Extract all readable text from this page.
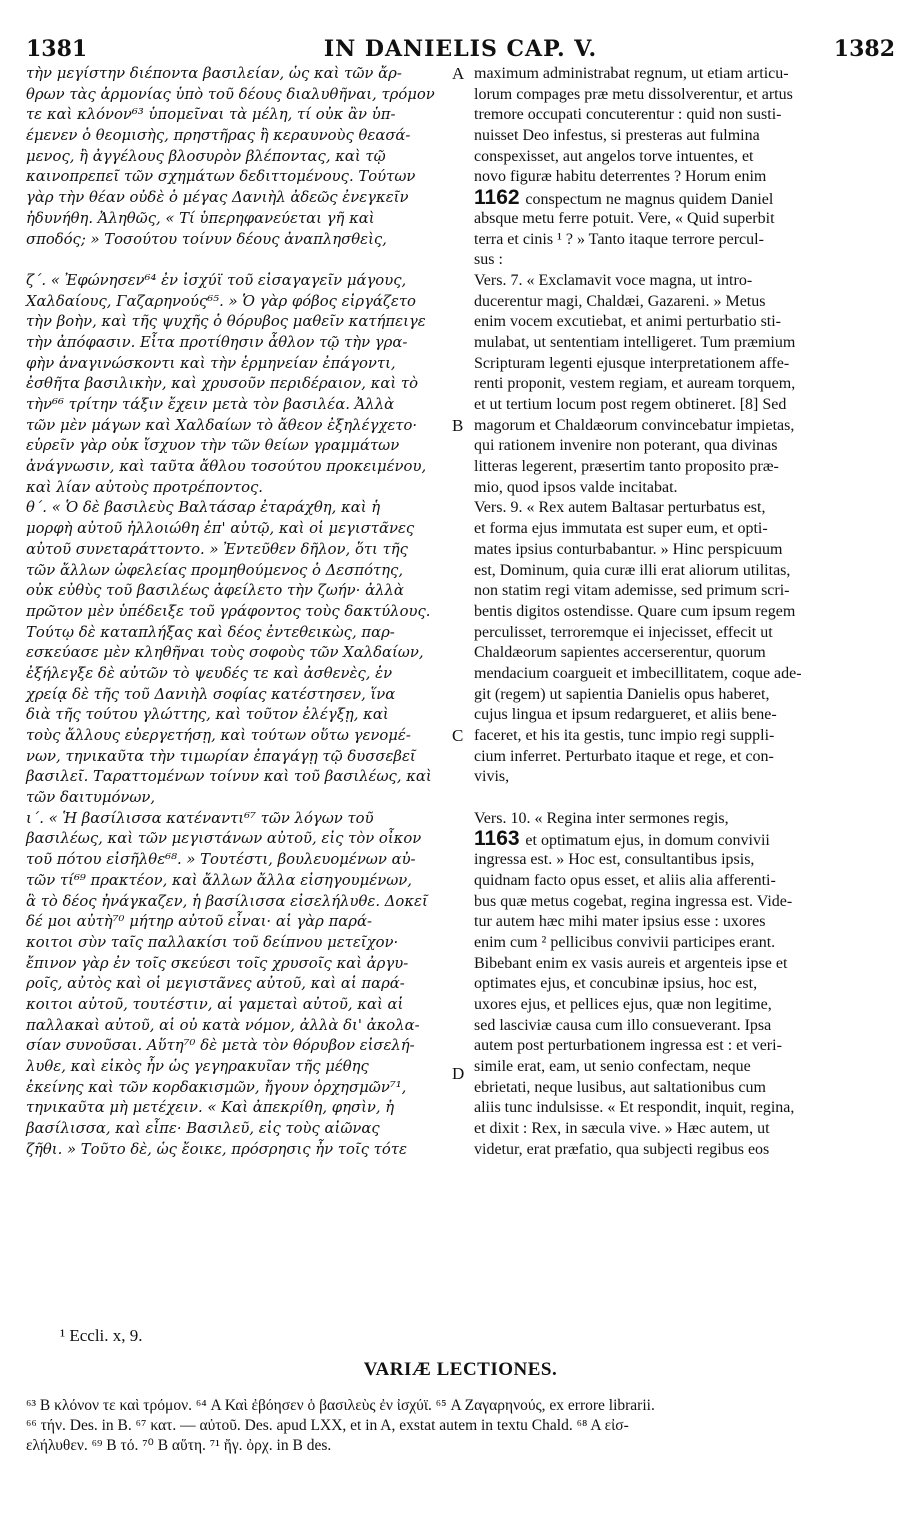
1381	IN DANIELIS CAP. V.	1382
τὴν μεγίστην διέποντα βασιλείαν, ὡς καὶ τῶν ἄρ-
θρων τὰς ἁρμονίας ὑπὸ τοῦ δέους διαλυθῆναι, τρόμον
τε καὶ κλόνον⁶³ ὑπομεῖναι τὰ μέλη, τί οὐκ ἂν ὑπ-
έμενεν ὁ θεομισὴς, πρηστῆρας ἢ κεραυνοὺς θεασά-
μενος, ἢ ἀγγέλους βλοσυρὸν βλέποντας, καὶ τῷ
καινοπρεπεῖ τῶν σχημάτων δεδιττομένους. Τούτων
γὰρ τὴν θέαν οὐδὲ ὁ μέγας Δανιὴλ ἀδεῶς ἐνεγκεῖν
ἠδυνήθη. Ἀληθῶς, « Τί ὑπερηφανεύεται γῆ καὶ
σποδός; » Τοσούτου τοίνυν δέους ἀναπλησθεὶς,
ζ΄. « Ἐφώνησεν⁶⁴ ἐν ἰσχύϊ τοῦ εἰσαγαγεῖν μάγους,
Χαλδαίους, Γαζαρηνούς⁶⁵. » Ὁ γὰρ φόβος εἰργάζετο
τὴν βοὴν, καὶ τῆς ψυχῆς ὁ θόρυβος μαθεῖν κατήπειγε
τὴν ἀπόφασιν. Εἶτα προτίθησιν ἆθλον τῷ τὴν γρα-
φὴν ἀναγινώσκοντι καὶ τὴν ἑρμηνείαν ἐπάγοντι,
ἐσθῆτα βασιλικὴν, καὶ χρυσοῦν περιδέραιον, καὶ τὸ
τὴν⁶⁶ τρίτην τάξιν ἔχειν μετὰ τὸν βασιλέα. Ἀλλὰ
τῶν μὲν μάγων καὶ Χαλδαίων τὸ ἄθεον ἐξηλέγχετο·
εὑρεῖν γὰρ οὐκ ἴσχυον τὴν τῶν θείων γραμμάτων
ἀνάγνωσιν, καὶ ταῦτα ἄθλου τοσούτου προκειμένου,
καὶ λίαν αὐτοὺς προτρέποντος.
θ΄. « Ὁ δὲ βασιλεὺς Βαλτάσαρ ἐταράχθη, καὶ ἡ
μορφὴ αὐτοῦ ἠλλοιώθη ἐπ' αὐτῷ, καὶ οἱ μεγιστᾶνες
αὐτοῦ συνεταράττοντο. » Ἐντεῦθεν δῆλον, ὅτι τῆς
τῶν ἄλλων ὠφελείας προμηθούμενος ὁ Δεσπότης,
οὐκ εὐθὺς τοῦ βασιλέως ἀφείλετο τὴν ζωήν· ἀλλὰ
πρῶτον μὲν ὑπέδειξε τοῦ γράφοντος τοὺς δακτύλους.
Τούτῳ δὲ καταπλήξας καὶ δέος ἐντεθεικὼς, παρ-
εσκεύασε μὲν κληθῆναι τοὺς σοφοὺς τῶν Χαλδαίων,
ἐξήλεγξε δὲ αὐτῶν τὸ ψευδές τε καὶ ἀσθενὲς, ἐν
χρείᾳ δὲ τῆς τοῦ Δανιὴλ σοφίας κατέστησεν, ἵνα
διὰ τῆς τούτου γλώττης, καὶ τοῦτον ἐλέγξῃ, καὶ
τοὺς ἄλλους εὐεργετήσῃ, καὶ τούτων οὕτω γενομέ-
νων, τηνικαῦτα τὴν τιμωρίαν ἐπαγάγῃ τῷ δυσσεβεῖ
βασιλεῖ. Ταραττομένων τοίνυν καὶ τοῦ βασιλέως, καὶ
τῶν δαιτυμόνων,
ι΄. « Ἡ βασίλισσα κατέναντι⁶⁷ τῶν λόγων τοῦ
βασιλέως, καὶ τῶν μεγιστάνων αὐτοῦ, εἰς τὸν οἶκον
τοῦ πότου εἰσῆλθε⁶⁸. » Τουτέστι, βουλευομένων αὐ-
τῶν τί⁶⁹ πρακτέον, καὶ ἄλλων ἄλλα εἰσηγουμένων,
ἃ τὸ δέος ἠνάγκαζεν, ἡ βασίλισσα εἰσελήλυθε. Δοκεῖ
δέ μοι αὐτὴ⁷⁰ μήτηρ αὐτοῦ εἶναι· αἱ γὰρ παρά-
κοιτοι σὺν ταῖς παλλακίσι τοῦ δείπνου μετεῖχον·
ἔπινον γὰρ ἐν τοῖς σκεύεσι τοῖς χρυσοῖς καὶ ἀργυ-
ροῖς, αὐτὸς καὶ οἱ μεγιστᾶνες αὐτοῦ, καὶ αἱ παρά-
κοιτοι αὐτοῦ, τουτέστιν, αἱ γαμεταὶ αὐτοῦ, καὶ αἱ
παλλακαὶ αὐτοῦ, αἱ οὐ κατὰ νόμον, ἀλλὰ δι' ἀκολα-
σίαν συνοῦσαι. Αὕτη⁷⁰ δὲ μετὰ τὸν θόρυβον εἰσελή-
λυθε, καὶ εἰκὸς ἦν ὡς γεγηρακυῖαν τῆς μέθης
ἐκείνης καὶ τῶν κορδακισμῶν, ἤγουν ὀρχησμῶν⁷¹,
τηνικαῦτα μὴ μετέχειν. « Καὶ ἀπεκρίθη, φησὶν, ἡ
βασίλισσα, καὶ εἶπε· Βασιλεῦ, εἰς τοὺς αἰῶνας
ζῆθι. » Τοῦτο δὲ, ὡς ἔοικε, πρόσρησις ἦν τοῖς τότε
A
B
C
D
maximum administrabat regnum, ut etiam articu-
lorum compages præ metu dissolverentur, et artus
tremore occupati concuterentur : quid non susti-
nuisset Deo infestus, si presteras aut fulmina
conspexisset, aut angelos torve intuentes, et
novo figuræ habitu deterrentes ? Horum enim
1162 conspectum ne magnus quidem Daniel
absque metu ferre potuit. Vere, « Quid superbit
terra et cinis ¹ ? » Tanto itaque terrore percul-
sus :
Vers. 7. « Exclamavit voce magna, ut intro-
ducerentur magi, Chaldæi, Gazareni. » Metus
enim vocem excutiebat, et animi perturbatio sti-
mulabat, ut sententiam intelligeret. Tum præmium
Scripturam legenti ejusque interpretationem affe-
renti proponit, vestem regiam, et auream torquem,
et ut tertium locum post regem obtineret. [8] Sed
magorum et Chaldæorum convincebatur impietas,
qui rationem invenire non poterant, qua divinas
litteras legerent, præsertim tanto proposito præ-
mio, quod ipsos valde incitabat.
Vers. 9. « Rex autem Baltasar perturbatus est,
et forma ejus immutata est super eum, et opti-
mates ipsius conturbabantur. » Hinc perspicuum
est, Dominum, quia curæ illi erat aliorum utilitas,
non statim regi vitam ademisse, sed primum scri-
bentis digitos ostendisse. Quare cum ipsum regem
perculisset, terroremque ei injecisset, effecit ut
Chaldæorum sapientes accerserentur, quorum
mendacium coargueit et imbecillitatem, coque ade-
git (regem) ut sapientia Danielis opus haberet,
cujus lingua et ipsum redargueret, et aliis bene-
faceret, et his ita gestis, tunc impio regi suppli-
cium inferret. Perturbato itaque et rege, et con-
vivis,
Vers. 10. « Regina inter sermones regis,
1163 et optimatum ejus, in domum convivii
ingressa est. » Hoc est, consultantibus ipsis,
quidnam facto opus esset, et aliis alia afferenti-
bus quæ metus cogebat, regina ingressa est. Vide-
tur autem hæc mihi mater ipsius esse : uxores
enim cum ² pellicibus convivii participes erant.
Bibebant enim ex vasis aureis et argenteis ipse et
optimates ejus, et concubinæ ipsius, hoc est,
uxores ejus, et pellices ejus, quæ non legitime,
sed lasciviæ causa cum illo consueverant. Ipsa
autem post perturbationem ingressa est : et veri-
simile erat, eam, ut senio confectam, neque
ebrietati, neque lusibus, aut saltationibus cum
aliis tunc indulsisse. « Et respondit, inquit, regina,
et dixit : Rex, in sæcula vive. » Hæc autem, ut
videtur, erat præfatio, qua subjecti regibus eos
¹ Eccli. x, 9.
VARIÆ LECTIONES.
⁶³ B κλόνον τε καὶ τρόμον. ⁶⁴ A Καὶ ἐβόησεν ὁ βασιλεὺς ἐν ἰσχύϊ. ⁶⁵ A Ζαγαρηνούς, ex errore librarii.
⁶⁶ τήν. Des. in B. ⁶⁷ κατ. — αὐτοῦ. Des. apud LXX, et in A, exstat autem in textu Chald. ⁶⁸ A εἰσ-
ελήλυθεν. ⁶⁹ B τό. ⁷⁰ B αὕτη. ⁷¹ ἤγ. ὀρχ. in B des.
